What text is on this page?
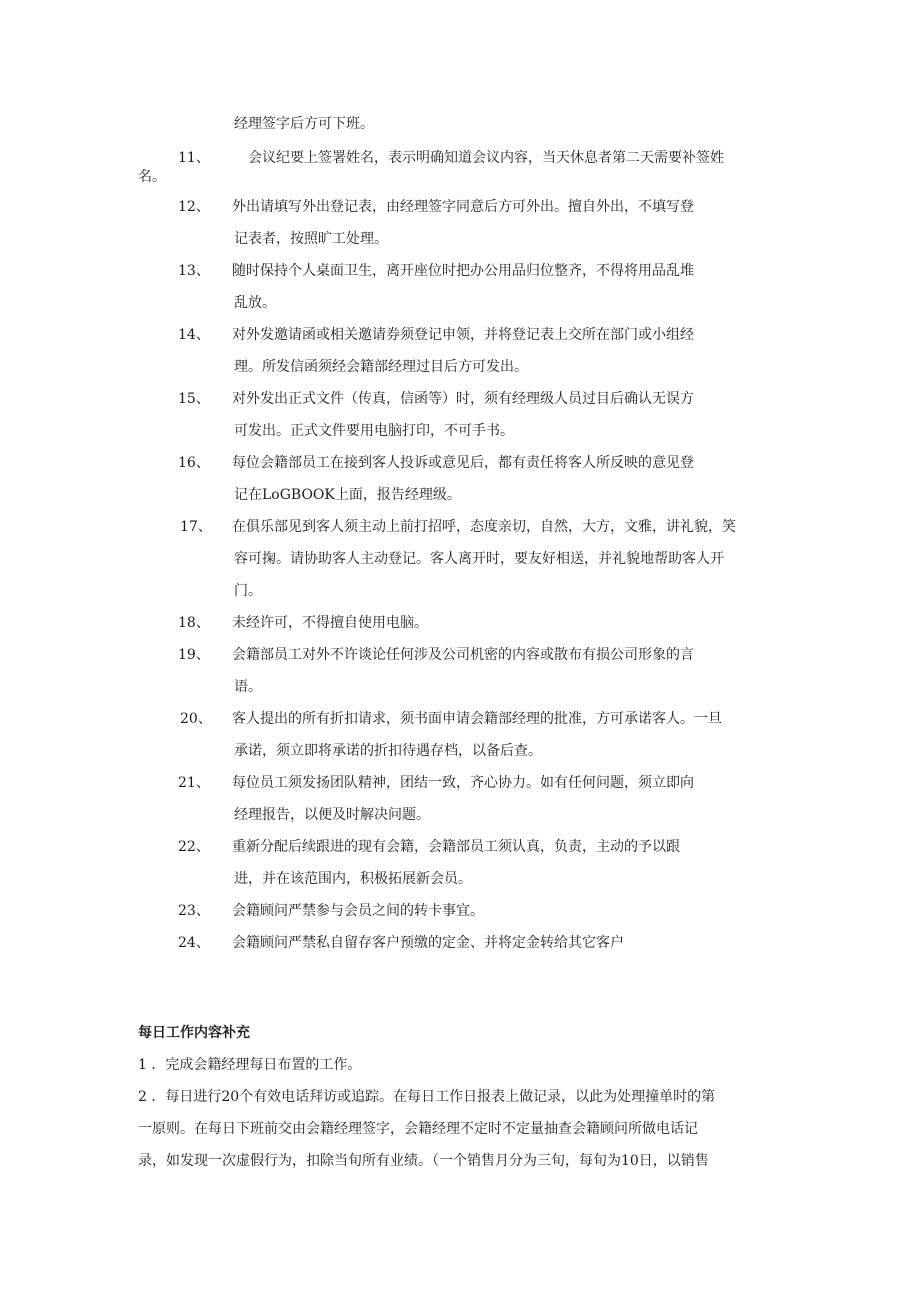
经理签字后方可下班。
11、	会议纪要上签署姓名，表示明确知道会议内容，当天休息者第二天需要补签姓
名。
12、 外出请填写外出登记表，由经理签字同意后方可外出。擅自外出，不填写登
记表者，按照旷工处理。
13、 随时保持个人桌面卫生，离开座位时把办公用品归位整齐，不得将用品乱堆
乱放。
14、 对外发邀请函或相关邀请券须登记申领，并将登记表上交所在部门或小组经
理。所发信函须经会籍部经理过目后方可发出。
15、 对外发出正式文件（传真，信函等）时，须有经理级人员过目后确认无误方
可发出。正式文件要用电脑打印，不可手书。
16、 每位会籍部员工在接到客人投诉或意见后，都有责任将客人所反映的意见登
记在LoGBOOK上面，报告经理级。
17、 在俱乐部见到客人须主动上前打招呼，态度亲切，自然，大方，文雅，讲礼貌，笑
容可掬。请协助客人主动登记。客人离开时，要友好相送，并礼貌地帮助客人开
门。
18、 未经许可，不得擅自使用电脑。
19、 会籍部员工对外不许谈论任何涉及公司机密的内容或散布有损公司形象的言
语。
20、 客人提出的所有折扣请求，须书面申请会籍部经理的批准，方可承诺客人。一旦
承诺，须立即将承诺的折扣待遇存档，以备后查。
21、 每位员工须发扬团队精神，团结一致，齐心协力。如有任何问题，须立即向
经理报告，以便及时解决问题。
22、 重新分配后续跟进的现有会籍，会籍部员工须认真，负责，主动的予以跟
进，并在该范围内，积极拓展新会员。
23、 会籍顾问严禁参与会员之间的转卡事宜。
24、 会籍顾问严禁私自留存客户预缴的定金、并将定金转给其它客户
每日工作内容补充
1 ．完成会籍经理每日布置的工作。
2 ．每日进行20个有效电话拜访或追踪。在每日工作日报表上做记录，以此为处理撞单时的第
一原则。在每日下班前交由会籍经理签字，会籍经理不定时不定量抽查会籍顾问所做电话记
录，如发现一次虚假行为，扣除当旬所有业绩。（一个销售月分为三旬，每旬为10日，以销售
